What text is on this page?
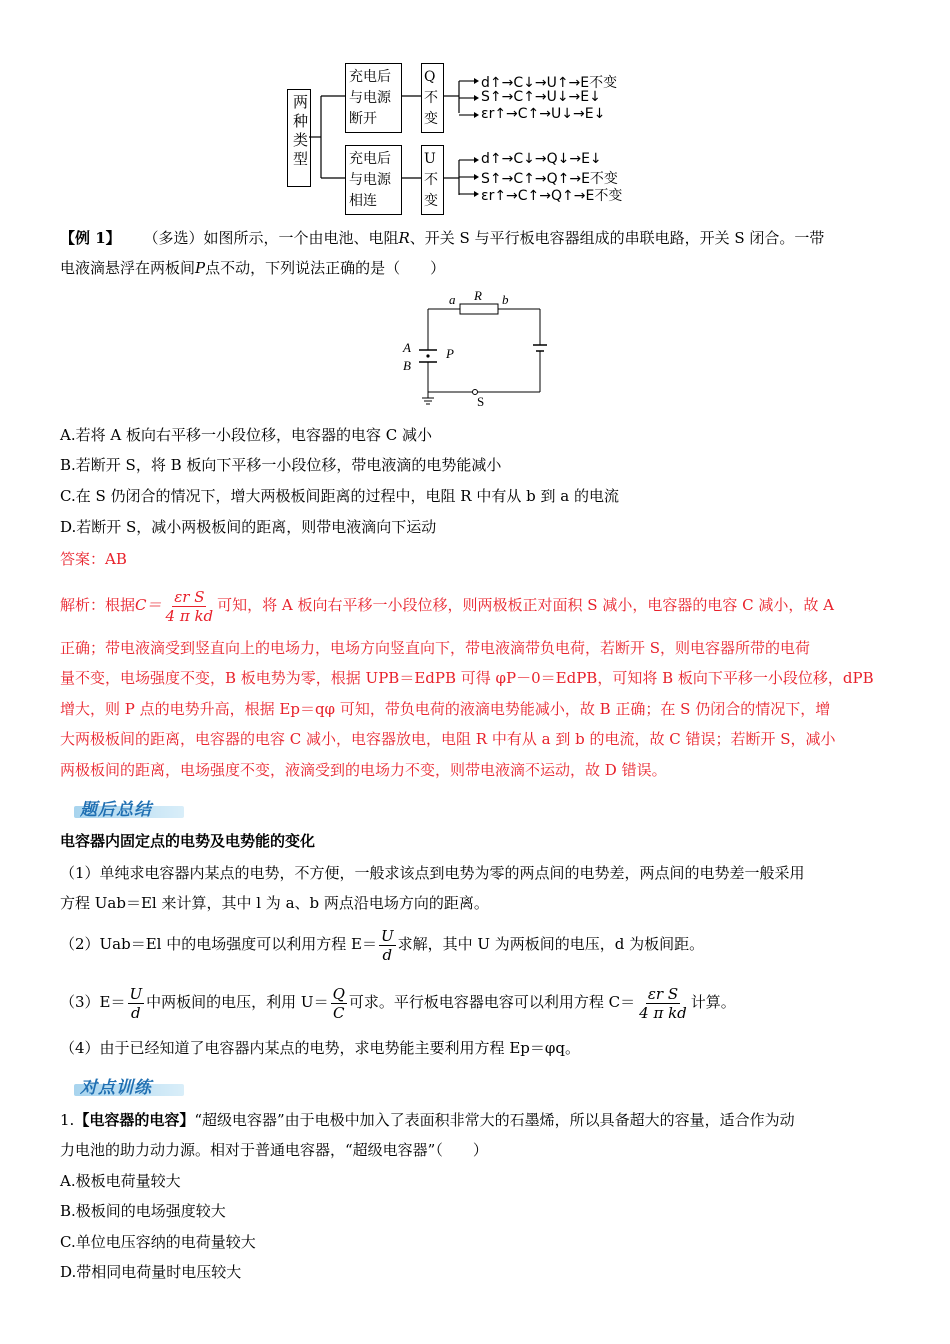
两种类型
充电后与电源断开
Q不变
充电后与电源相连
U不变
d↑→C↓→U↑→E不变
S↑→C↑→U↓→E↓
εr↑→C↑→U↓→E↓
d↑→C↓→Q↓→E↓
S↑→C↑→Q↑→E不变
εr↑→C↑→Q↑→E不变
【例 1】 （多选）如图所示，一个由电池、电阻R、开关 S 与平行板电容器组成的串联电路，开关 S 闭合。一带
电液滴悬浮在两板间P点不动，下列说法正确的是（　　）
a R b
A
B
P
S
A.若将 A 板向右平移一小段位移，电容器的电容 C 减小
B.若断开 S，将 B 板向下平移一小段位移，带电液滴的电势能减小
C.在 S 仍闭合的情况下，增大两极板间距离的过程中，电阻 R 中有从 b 到 a 的电流
D.若断开 S，减小两极板间的距离，则带电液滴向下运动
答案：AB
解析：根据$C= \frac{\text{εr S}}{\text{4 π kd}}$ 可知，将 A 板向右平移一小段位移，则两极板正对面积 S 减小，电容器的电容 C 减小，故 A
正确；带电液滴受到竖直向上的电场力，电场方向竖直向下，带电液滴带负电荷，若断开 S，则电容器所带的电荷
量不变，电场强度不变，B 板电势为零，根据 UPB＝EdPB 可得 φP－0＝EdPB，可知将 B 板向下平移一小段位移，dPB
增大，则 P 点的电势升高，根据 Ep＝qφ 可知，带负电荷的液滴电势能减小，故 B 正确；在 S 仍闭合的情况下，增
大两极板间的距离，电容器的电容 C 减小，电容器放电，电阻 R 中有从 a 到 b 的电流，故 C 错误；若断开 S，减小
两极板间的距离，电场强度不变，液滴受到的电场力不变，则带电液滴不运动，故 D 错误。
题后总结
电容器内固定点的电势及电势能的变化
（1）单纯求电容器内某点的电势，不方便，一般求该点到电势为零的两点间的电势差，两点间的电势差一般采用
方程 Uab＝El 来计算，其中 l 为 a、b 两点沿电场方向的距离。
（2）Uab＝El 中的电场强度可以利用方程 $E= \frac{U}{d}$ 求解，其中 U 为两板间的电压，d 为板间距。
$(3)E= \frac{U}{d}$ 中两板间的电压，利用 $U= \frac{Q}{C}$ 可求。平行板电容器电容可以利用方程 $C= \frac{\text{εr S}}{\text{4 π kd}}$ 计算。
（4）由于已经知道了电容器内某点的电势，求电势能主要利用方程 Ep＝φq。
对点训练
1.【电容器的电容】“超级电容器”由于电极中加入了表面积非常大的石墨烯，所以具备超大的容量，适合作为动
力电池的助力动力源。相对于普通电容器，“超级电容器”（　　）
A.极板电荷量较大
B.极板间的电场强度较大
C.单位电压容纳的电荷量较大
D.带相同电荷量时电压较大
